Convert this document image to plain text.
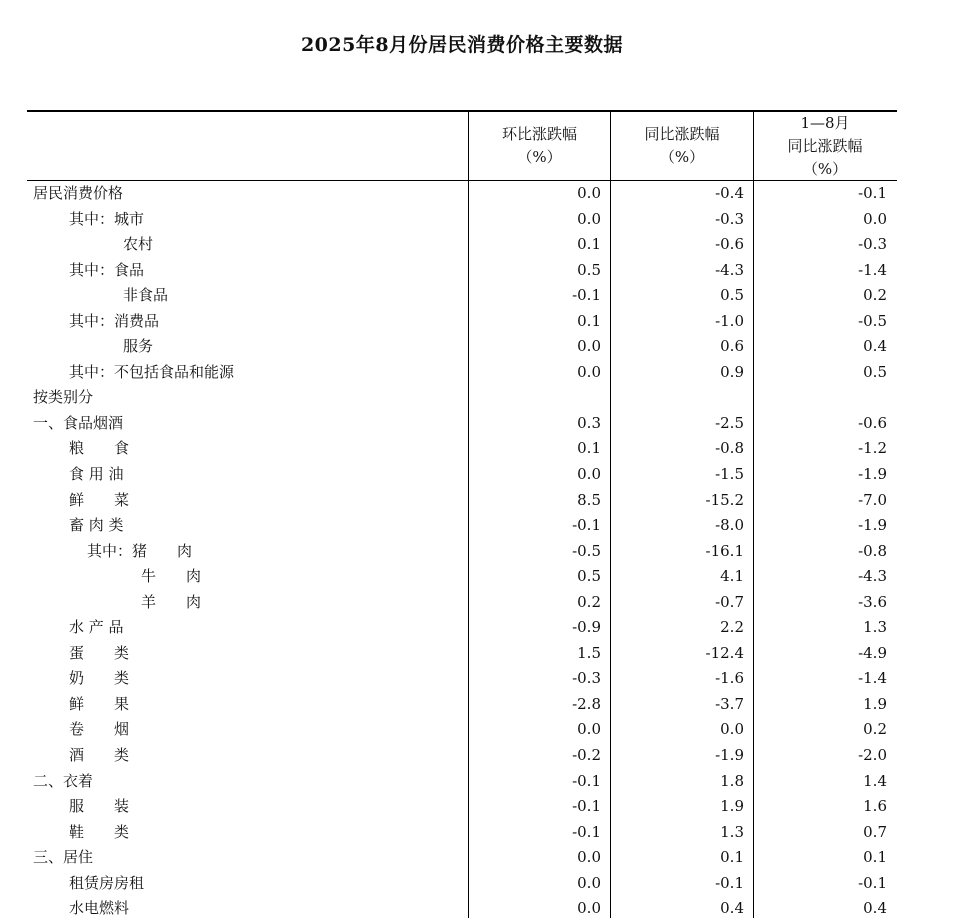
2025年8月份居民消费价格主要数据
环比涨跌幅
（%）
同比涨跌幅
（%）
1—8月
同比涨跌幅
（%）
居民消费价格	0.0	-0.4	-0.1
其中：城市	0.0	-0.3	0.0
农村	0.1	-0.6	-0.3
其中：食品	0.5	-4.3	-1.4
非食品	-0.1	0.5	0.2
其中：消费品	0.1	-1.0	-0.5
服务	0.0	0.6	0.4
其中：不包括食品和能源	0.0	0.9	0.5
按类别分
一、食品烟酒	0.3	-2.5	-0.6
粮　　食	0.1	-0.8	-1.2
食 用 油	0.0	-1.5	-1.9
鲜　　菜	8.5	-15.2	-7.0
畜 肉 类	-0.1	-8.0	-1.9
其中：猪　　肉	-0.5	-16.1	-0.8
牛　　肉	0.5	4.1	-4.3
羊　　肉	0.2	-0.7	-3.6
水 产 品	-0.9	2.2	1.3
蛋　　类	1.5	-12.4	-4.9
奶　　类	-0.3	-1.6	-1.4
鲜　　果	-2.8	-3.7	1.9
卷　　烟	0.0	0.0	0.2
酒　　类	-0.2	-1.9	-2.0
二、衣着	-0.1	1.8	1.4
服　　装	-0.1	1.9	1.6
鞋　　类	-0.1	1.3	0.7
三、居住	0.0	0.1	0.1
租赁房房租	0.0	-0.1	-0.1
水电燃料	0.0	0.4	0.4
